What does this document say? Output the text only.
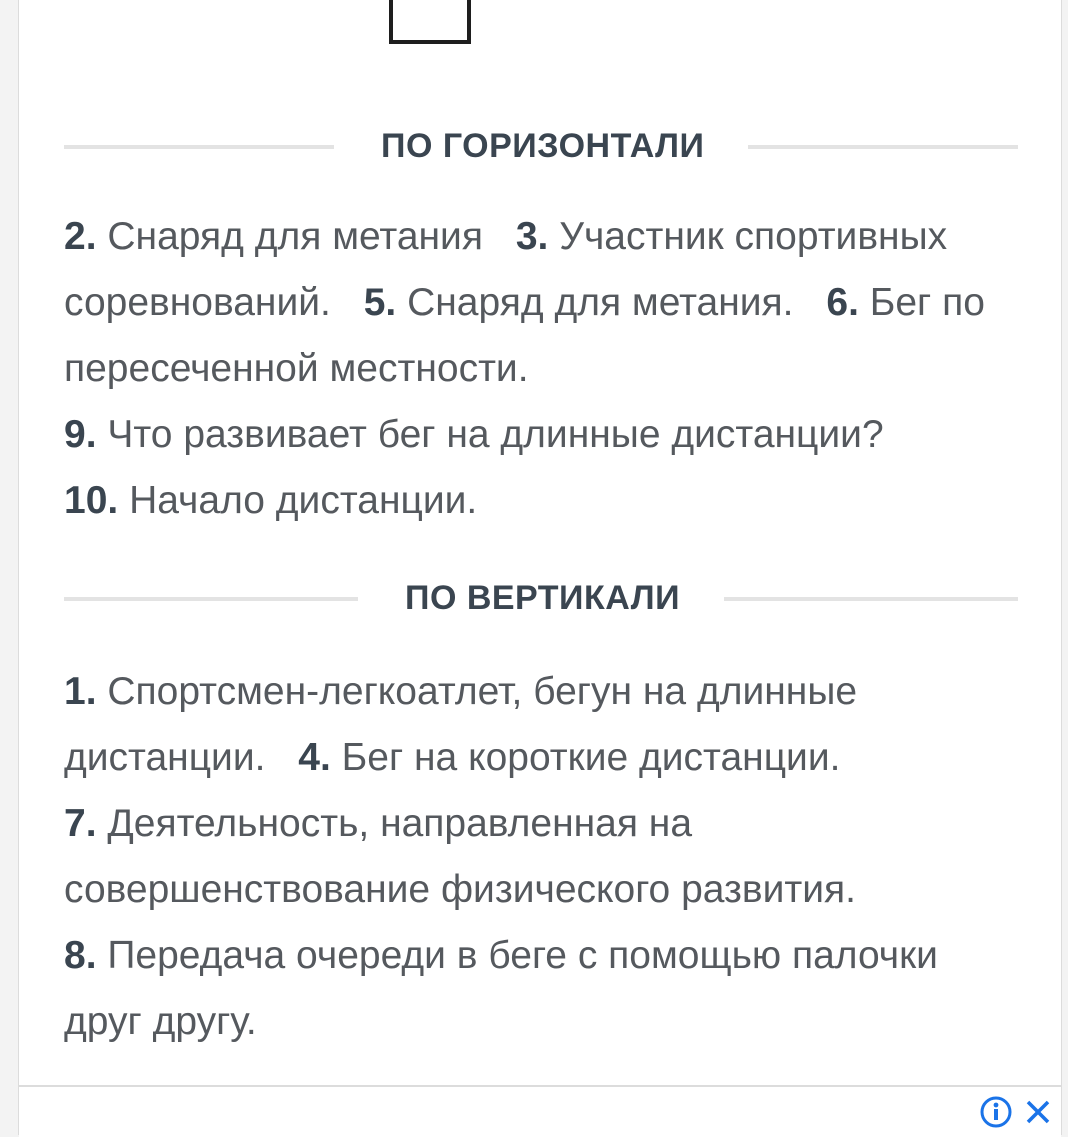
ПО ГОРИЗОНТАЛИ
2. Снаряд для метания 3. Участник спортивных соревнований. 5. Снаряд для метания. 6. Бег по пересеченной местности.
9. Что развивает бег на длинные дистанции?
10. Начало дистанции.
ПО ВЕРТИКАЛИ
1. Спортсмен-легкоатлет, бегун на длинные дистанции. 4. Бег на короткие дистанции.
7. Деятельность, направленная на совершенствование физического развития.
8. Передача очереди в беге с помощью палочки друг другу.
